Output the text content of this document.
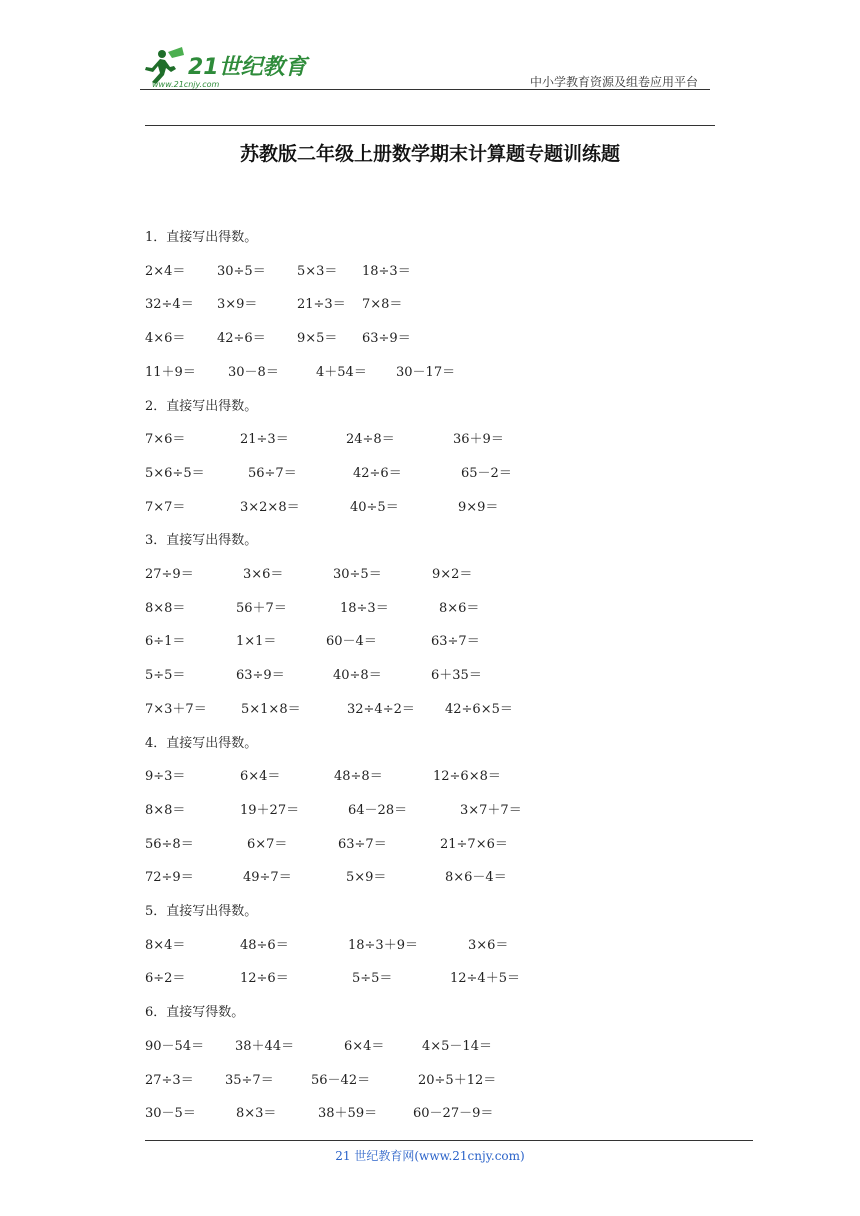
21世纪教育
www.21cnjy.com	中小学教育资源及组卷应用平台
苏教版二年级上册数学期末计算题专题训练题
1．直接写出得数。
2×4＝ 30÷5＝ 5×3＝ 18÷3＝
32÷4＝ 3×9＝	21÷3＝ 7×8＝
4×6＝ 42÷6＝ 9×5＝ 63÷9＝
11＋9＝ 30－8＝	4＋54＝ 30－17＝
2．直接写出得数。
7×6＝	21÷3＝	24÷8＝	36＋9＝
5×6÷5＝	56÷7＝	42÷6＝	65－2＝
7×7＝	3×2×8＝	40÷5＝	9×9＝
3．直接写出得数。
27÷9＝	3×6＝	30÷5＝	9×2＝
8×8＝	56＋7＝	18÷3＝	8×6＝
6÷1＝	1×1＝	60－4＝	63÷7＝
5÷5＝	63÷9＝	40÷8＝	6＋35＝
7×3＋7＝	5×1×8＝	32÷4÷2＝ 42÷6×5＝
4．直接写出得数。
9÷3＝	6×4＝	48÷8＝	12÷6×8＝
8×8＝	19＋27＝	64－28＝	3×7＋7＝
56÷8＝	6×7＝	63÷7＝	21÷7×6＝
72÷9＝	49÷7＝	5×9＝	8×6－4＝
5．直接写出得数。
8×4＝	48÷6＝	18÷3＋9＝	3×6＝
6÷2＝	12÷6＝	5÷5＝	12÷4＋5＝
6．直接写得数。
90－54＝ 38＋44＝	6×4＝	4×5－14＝
27÷3＝ 35÷7＝	56－42＝	20÷5＋12＝
30－5＝	8×3＝	38＋59＝	60－27－9＝
21 世纪教育网(www.21cnjy.com)
